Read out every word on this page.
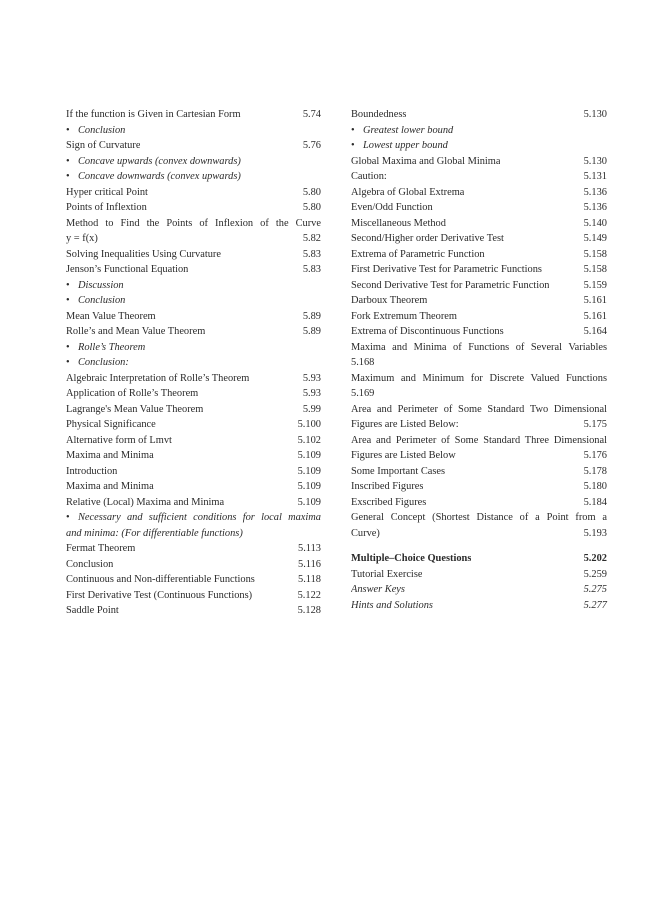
If the function is Given in Cartesian Form	5.74
• Conclusion
Sign of Curvature	5.76
• Concave upwards (convex downwards)
• Concave downwards (convex upwards)
Hyper critical Point	5.80
Points of Inflextion	5.80
Method to Find the Points of Inflexion of the Curve
y = f(x)	5.82
Solving Inequalities Using Curvature	5.83
Jenson’s Functional Equation	5.83
• Discussion
• Conclusion
Mean Value Theorem	5.89
Rolle’s and Mean Value Theorem	5.89
• Rolle’s Theorem
• Conclusion:
Algebraic Interpretation of Rolle’s Theorem	5.93
Application of Rolle’s Theorem	5.93
Lagrange's Mean Value Theorem	5.99
Physical Significance	5.100
Alternative form of Lmvt	5.102
Maxima and Minima	5.109
Introduction	5.109
Maxima and Minima	5.109
Relative (Local) Maxima and Minima	5.109
• Necessary and sufficient conditions for local maxima
and minima: (For differentiable functions)
Fermat Theorem	5.113
Conclusion	5.116
Continuous and Non-differentiable Functions	5.118
First Derivative Test (Continuous Functions)	5.122
Saddle Point	5.128
Boundedness	5.130
• Greatest lower bound
• Lowest upper bound
Global Maxima and Global Minima	5.130
Caution:	5.131
Algebra of Global Extrema	5.136
Even/Odd Function	5.136
Miscellaneous Method	5.140
Second/Higher order Derivative Test	5.149
Extrema of Parametric Function	5.158
First Derivative Test for Parametric Functions	5.158
Second Derivative Test for Parametric Function	5.159
Darboux Theorem	5.161
Fork Extremum Theorem	5.161
Extrema of Discontinuous Functions	5.164
Maxima and Minima of Functions of Several Variables
5.168
Maximum and Minimum for Discrete Valued Functions
5.169
Area and Perimeter of Some Standard Two Dimensional
Figures are Listed Below:	5.175
Area and Perimeter of Some Standard Three Dimensional
Figures are Listed Below	5.176
Some Important Cases	5.178
Inscribed Figures	5.180
Exscribed Figures	5.184
General Concept (Shortest Distance of a Point from a
Curve)	5.193
Multiple–Choice Questions	5.202
Tutorial Exercise	5.259
Answer Keys	5.275
Hints and Solutions	5.277
